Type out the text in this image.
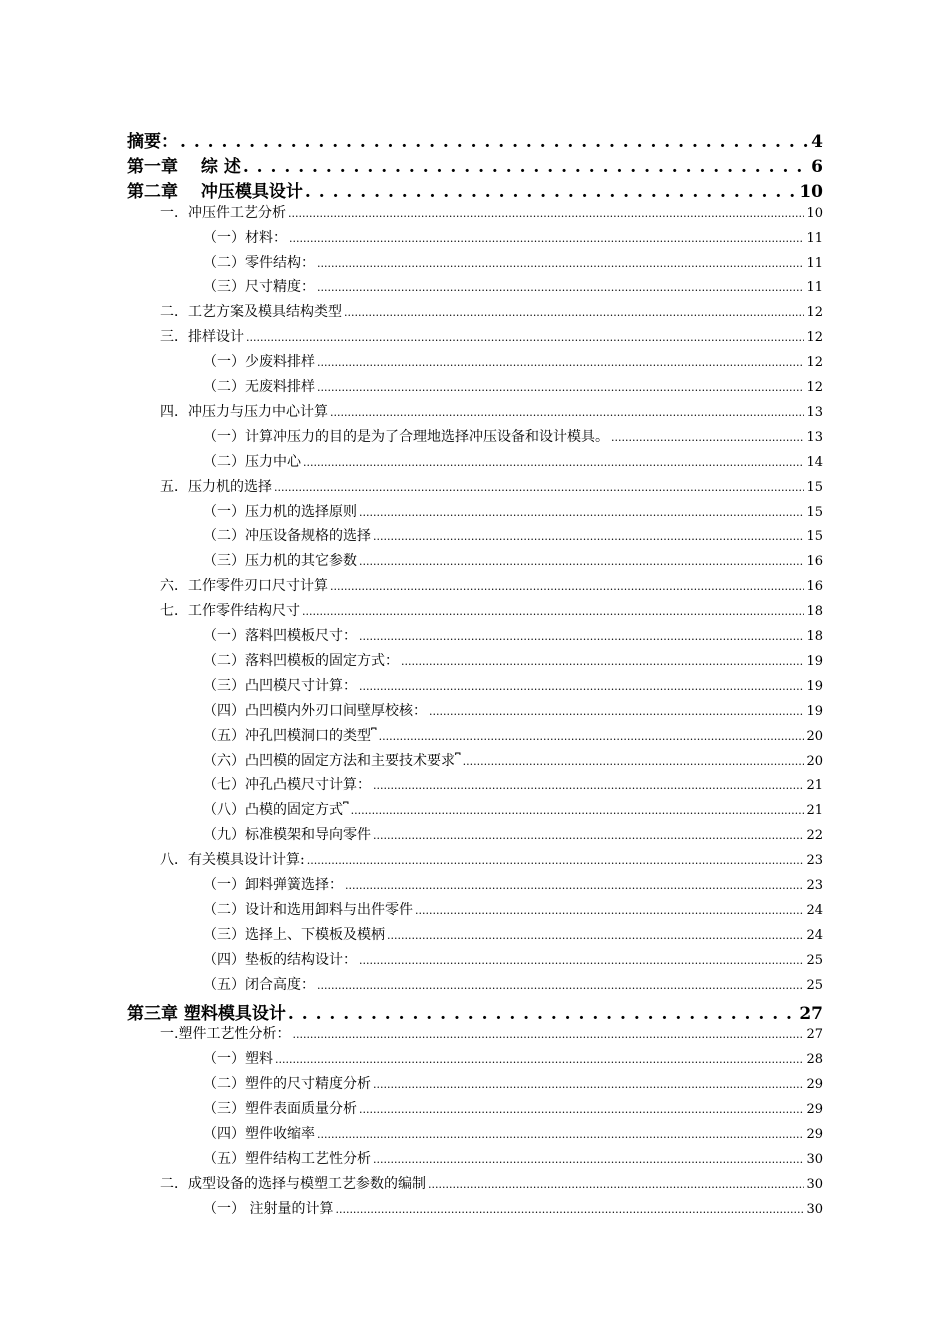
摘要： . . .	4
第一章　 综 述 . . .	6
第二章　 冲压模具设计 . . .	10
一．冲压件工艺分析 .....	10
（一）材料： .....	11
（二）零件结构： .....	11
（三）尺寸精度： .....	11
二．工艺方案及模具结构类型 .....	12
三．排样设计 .....	12
（一）少废料排样 .....	12
（二）无废料排样 .....	12
四．冲压力与压力中心计算 .....	13
（一）计算冲压力的目的是为了合理地选择冲压设备和设计模具。 .....	13
（二）压力中心 .....	14
五．压力机的选择 .....	15
（一）压力机的选择原则 .....	15
（二）冲压设备规格的选择 .....	15
（三）压力机的其它参数 .....	16
六．工作零件刃口尺寸计算 .....	16
七．工作零件结构尺寸 .....	18
（一）落料凹模板尺寸： .....	18
（二）落料凹模板的固定方式： .....	19
（三）凸凹模尺寸计算： .....	19
（四）凸凹模内外刃口间壁厚校核： .....	19
（五）冲孔凹模洞口的类型⎴ .....	20
（六）凸凹模的固定方法和主要技术要求⎴ .....	20
（七）冲孔凸模尺寸计算： .....	21
（八）凸模的固定方式⎴ .....	21
（九）标准模架和导向零件 .....	22
八．有关模具设计计算: .....	23
（一）卸料弹簧选择： .....	23
（二）设计和选用卸料与出件零件 .....	24
（三）选择上、下模板及模柄 .....	24
（四）垫板的结构设计： .....	25
（五）闭合高度： .....	25
第三章 塑料模具设计 . . .	27
一.塑件工艺性分析： .....	27
（一）塑料 .....	28
（二）塑件的尺寸精度分析 .....	29
（三）塑件表面质量分析 .....	29
（四）塑件收缩率 .....	29
（五）塑件结构工艺性分析 .....	30
二．成型设备的选择与模塑工艺参数的编制 .....	30
（一） 注射量的计算 .....	30
